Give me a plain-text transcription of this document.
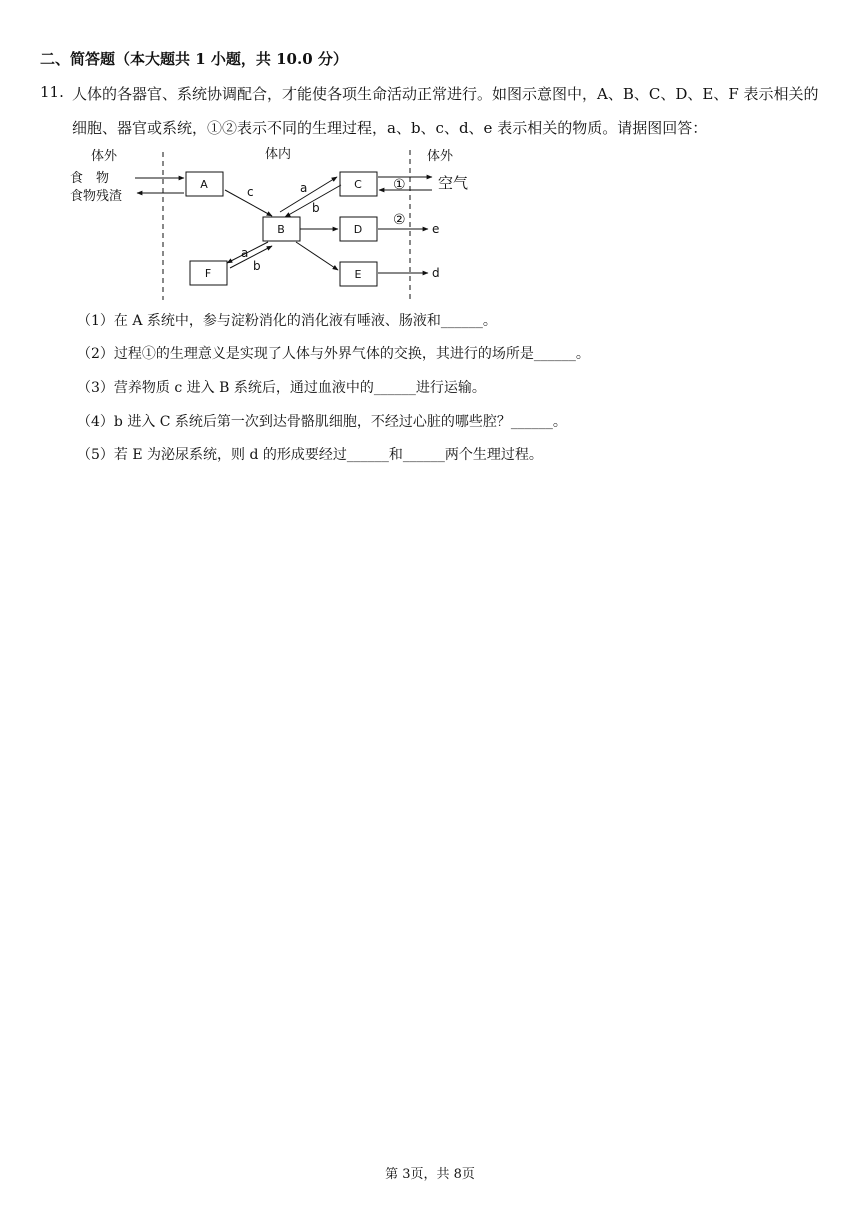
二、简答题（本大题共 1 小题，共 10.0 分）
11. 人体的各器官、系统协调配合，才能使各项生命活动正常进行。如图示意图中，A、B、C、D、E、F 表示相关的
细胞、器官或系统，①②表示不同的生理过程，a、b、c、d、e 表示相关的物质。请据图回答：
体外	体内	体外
食　物
食物残渣
A
B
C
D
E
F
c	a
b
a
b
① 空气
②
e
d
（1）在 A 系统中，参与淀粉消化的消化液有唾液、肠液和______。
（2）过程①的生理意义是实现了人体与外界气体的交换，其进行的场所是______。
（3）营养物质 c 进入 B 系统后，通过血液中的______进行运输。
（4）b 进入 C 系统后第一次到达骨骼肌细胞，不经过心脏的哪些腔？______。
（5）若 E 为泌尿系统，则 d 的形成要经过______和______两个生理过程。
第 3页，共 8页
